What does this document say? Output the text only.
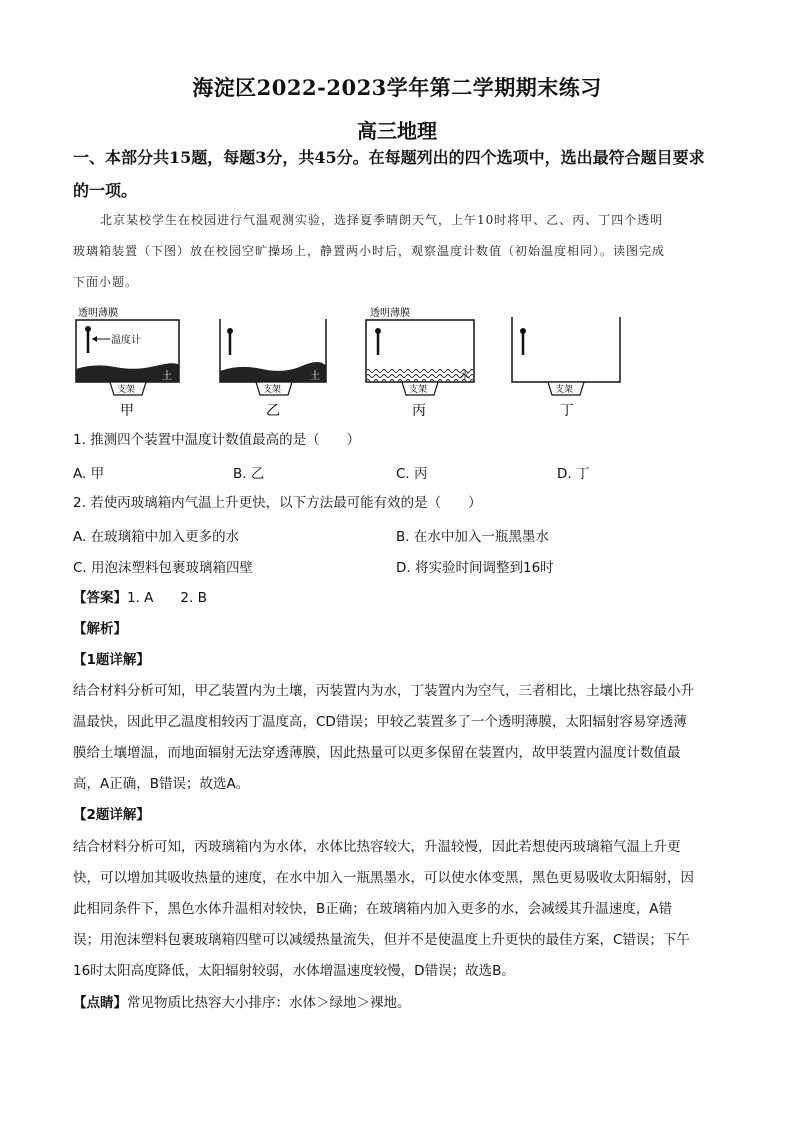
海淀区2022-2023学年第二学期期末练习
高三地理
一、本部分共15题，每题3分，共45分。在每题列出的四个选项中，选出最符合题目要求
的一项。
北京某校学生在校园进行气温观测实验，选择夏季晴朗天气，上午10时将甲、乙、丙、丁四个透明
玻璃箱装置（下图）放在校园空旷操场上，静置两小时后，观察温度计数值（初始温度相同）。读图完成
下面小题。
透明薄膜
土
温度计
支架
甲
土
支架
乙
透明薄膜
水
支架
丙
支架
丁
1. 推测四个装置中温度计数值最高的是（　　）
A. 甲	B. 乙	C. 丙	D. 丁
2. 若使丙玻璃箱内气温上升更快，以下方法最可能有效的是（　　）
A. 在玻璃箱中加入更多的水	B. 在水中加入一瓶黑墨水
C. 用泡沫塑料包裹玻璃箱四壁	D. 将实验时间调整到16时
【答案】1. A　　2. B
【解析】
【1题详解】
结合材料分析可知，甲乙装置内为土壤，丙装置内为水，丁装置内为空气，三者相比，土壤比热容最小升
温最快，因此甲乙温度相较丙丁温度高，CD错误；甲较乙装置多了一个透明薄膜，太阳辐射容易穿透薄
膜给土壤增温，而地面辐射无法穿透薄膜，因此热量可以更多保留在装置内，故甲装置内温度计数值最
高，A正确，B错误；故选A。
【2题详解】
结合材料分析可知，丙玻璃箱内为水体，水体比热容较大，升温较慢，因此若想使丙玻璃箱气温上升更
快，可以增加其吸收热量的速度，在水中加入一瓶黑墨水，可以使水体变黑，黑色更易吸收太阳辐射，因
此相同条件下，黑色水体升温相对较快，B正确；在玻璃箱内加入更多的水，会减缓其升温速度，A错
误；用泡沫塑料包裹玻璃箱四壁可以减缓热量流失，但并不是使温度上升更快的最佳方案，C错误；下午
16时太阳高度降低，太阳辐射较弱，水体增温速度较慢，D错误；故选B。
【点睛】常见物质比热容大小排序：水体＞绿地＞裸地。
